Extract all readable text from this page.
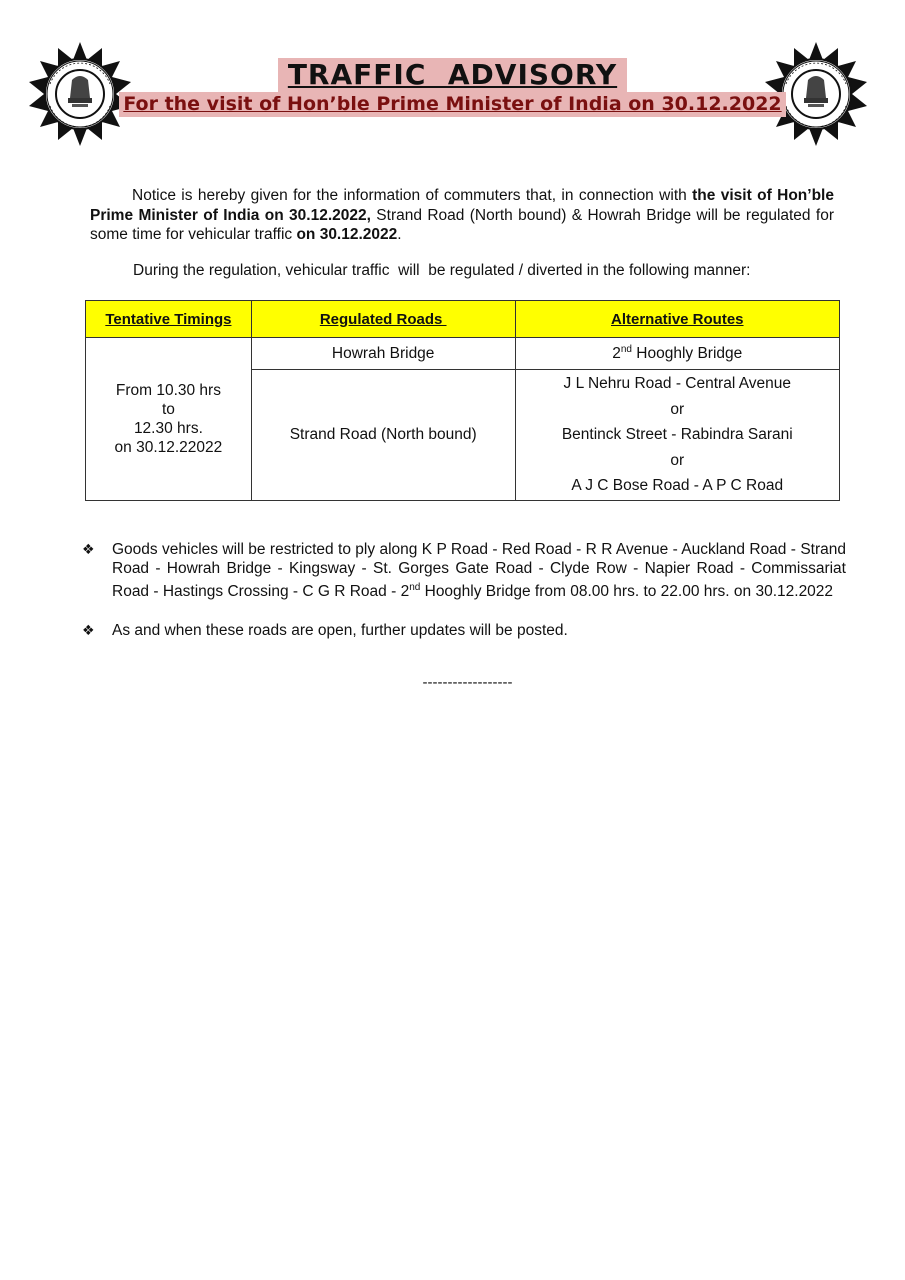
TRAFFIC  ADVISORY
For the visit of Hon’ble Prime Minister of India on 30.12.2022
Notice is hereby given for the information of commuters that, in connection with the visit of Hon’ble Prime Minister of India on 30.12.2022, Strand Road (North bound) & Howrah Bridge will be regulated for some time for vehicular traffic on 30.12.2022.
During the regulation, vehicular traffic  will  be regulated / diverted in the following manner:
Tentative Timings	Regulated Roads	Alternative Routes

From 10.30 hrs
to
12.30 hrs.
on 30.12.22022	Howrah Bridge	2nd Hooghly Bridge
	Strand Road (North bound)	J L Nehru Road - Central Avenue
or
Bentinck Street - Rabindra Sarani
or
A J C Bose Road - A P C Road
❖ Goods vehicles will be restricted to ply along K P Road - Red Road - R R Avenue - Auckland Road - Strand Road - Howrah Bridge - Kingsway - St. Gorges Gate Road - Clyde Row - Napier Road - Commissariat Road - Hastings Crossing - C G R Road - 2nd Hooghly Bridge from 08.00 hrs. to 22.00 hrs. on 30.12.2022
❖ As and when these roads are open, further updates will be posted.
------------------
